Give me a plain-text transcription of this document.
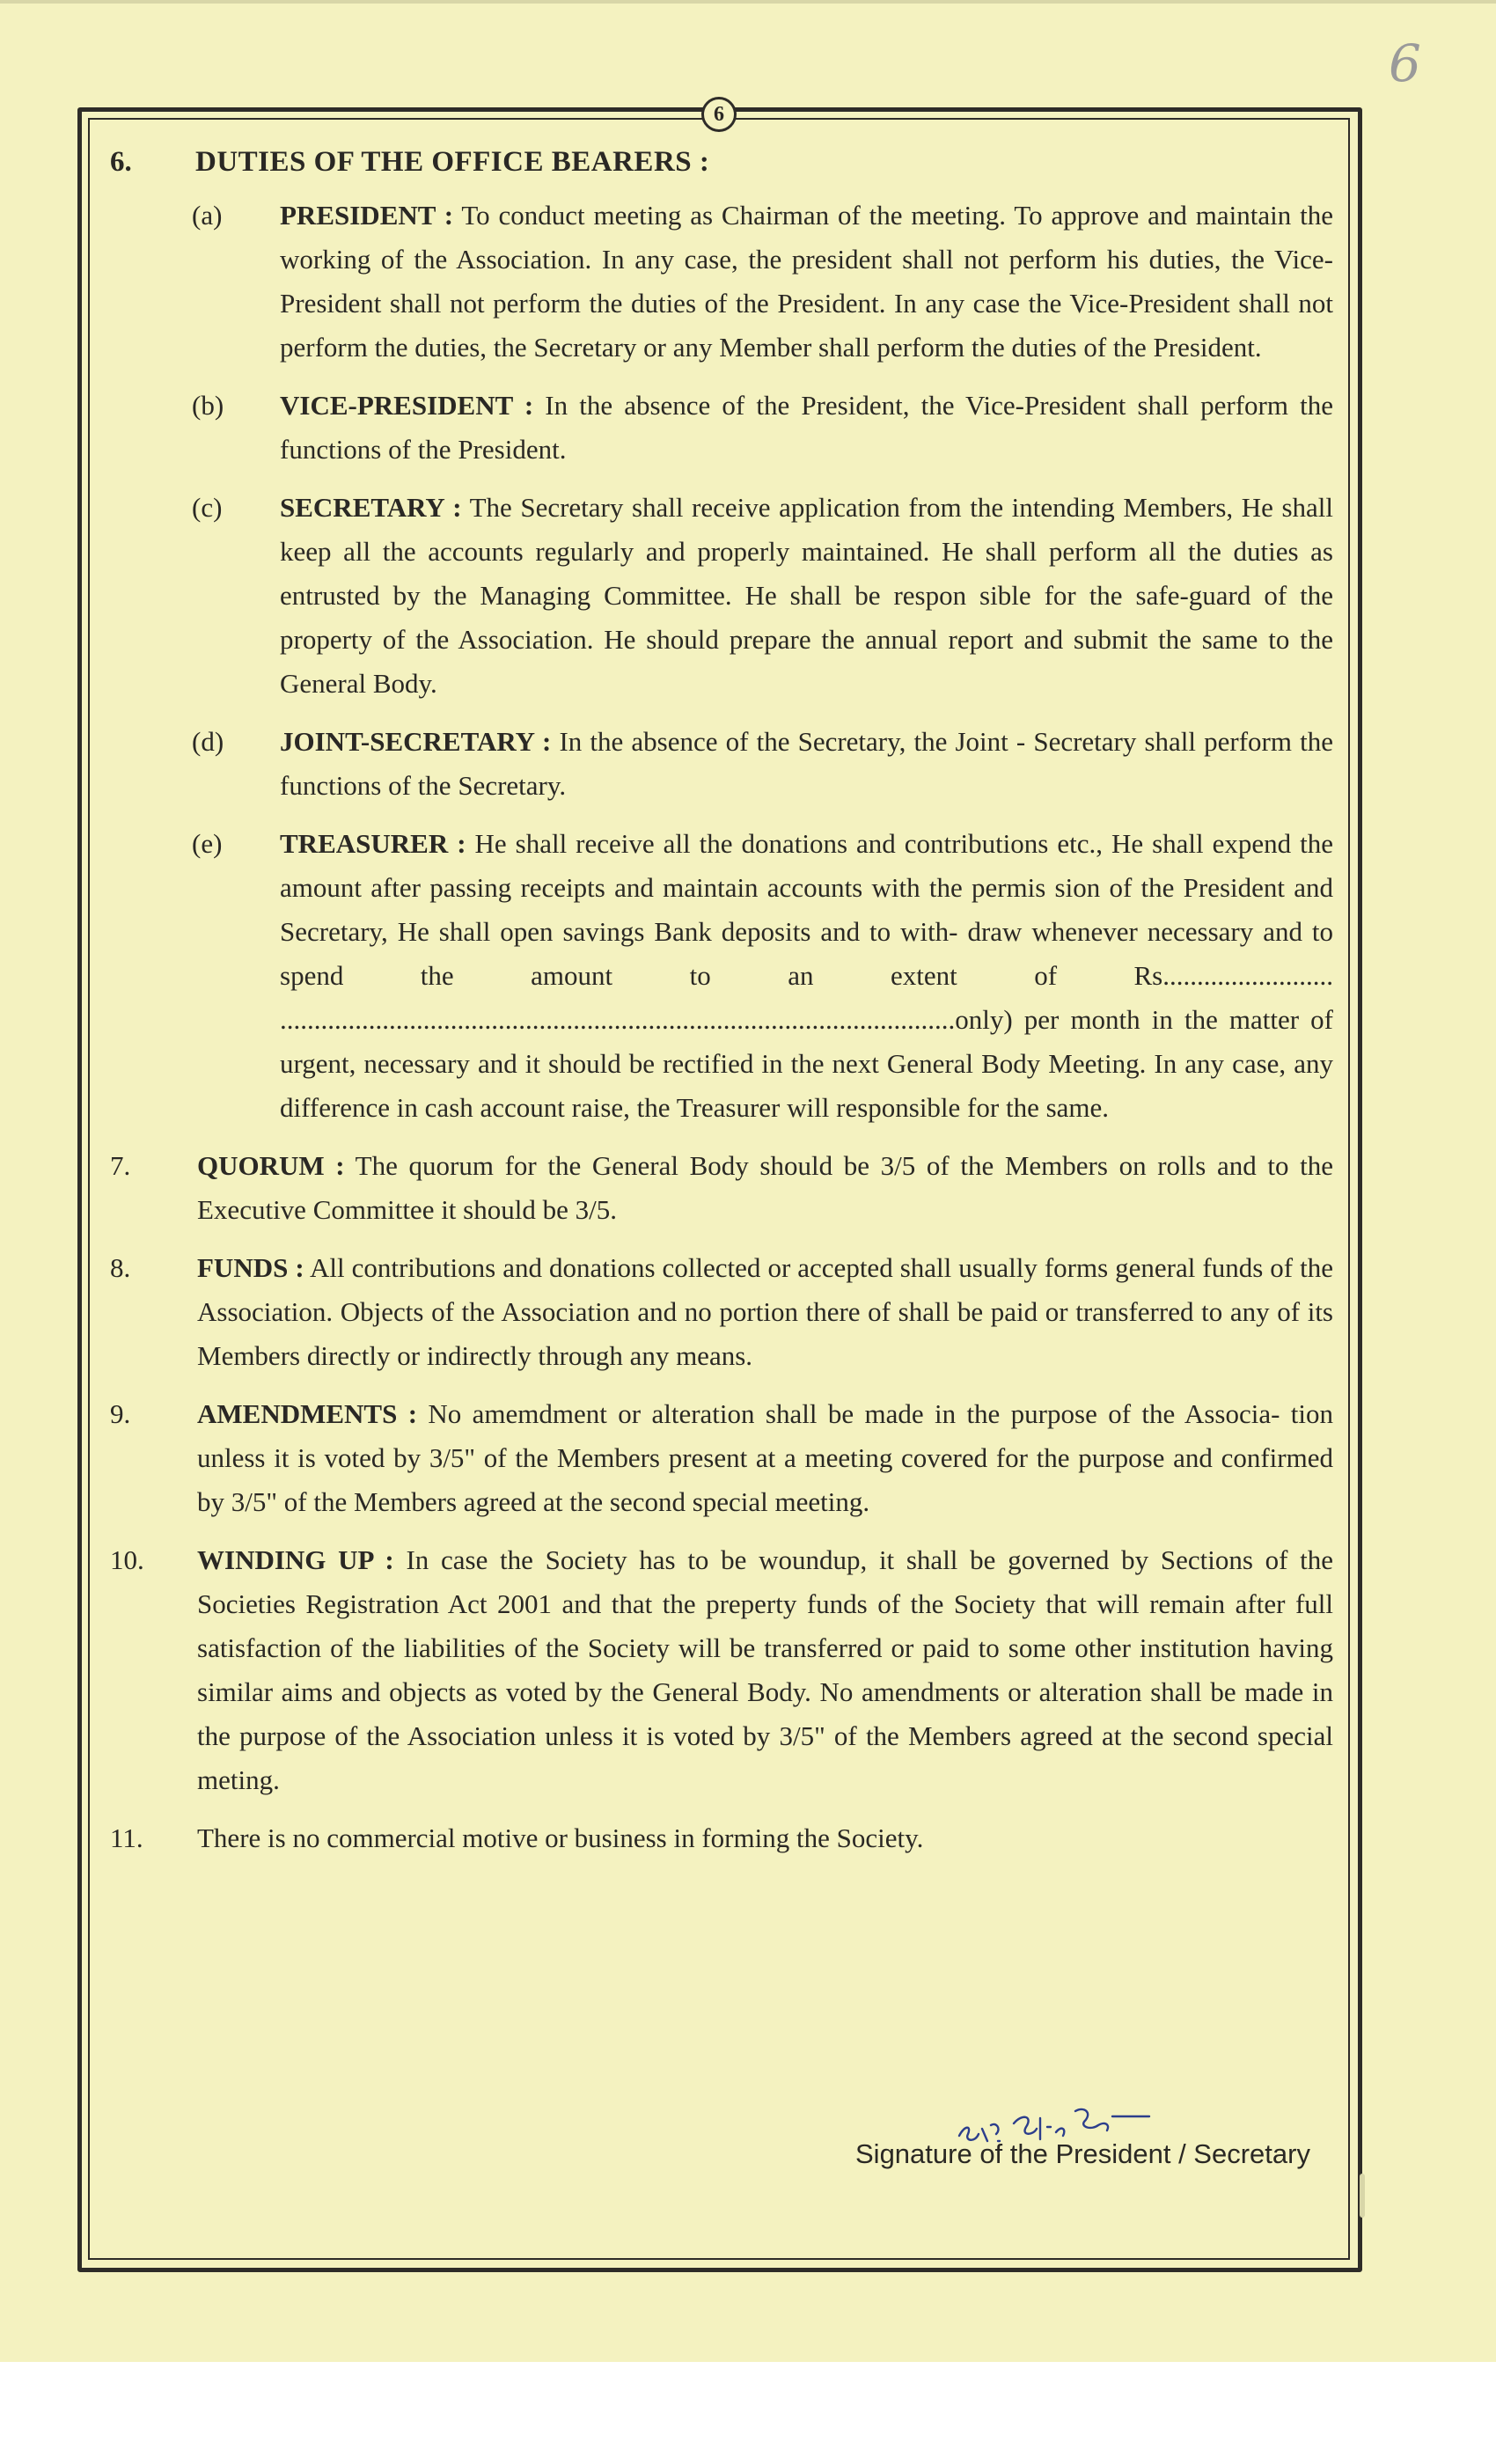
6
6
6. DUTIES OF THE OFFICE BEARERS :
(a) PRESIDENT : To conduct meeting as Chairman of the meeting. To approve and maintain the working of the Association. In any case, the president shall not perform his duties, the Vice-President shall not perform the duties of the President. In any case the Vice-President shall not perform the duties, the Secretary or any Member shall perform the duties of the President.

(b) VICE-PRESIDENT : In the absence of the President, the Vice-President shall perform the functions of the President.

(c) SECRETARY : The Secretary shall receive application from the intending Members, He shall keep all the accounts regularly and properly maintained. He shall perform all the duties as entrusted by the Managing Committee. He shall be respon sible for the safe-guard of the property of the Association. He should prepare the annual report and submit the same to the General Body.

(d) JOINT-SECRETARY : In the absence of the Secretary, the Joint - Secretary shall perform the functions of the Secretary.

(e) TREASURER : He shall receive all the donations and contributions etc., He shall expend the amount after passing receipts and maintain accounts with the permis sion of the President and Secretary, He shall open savings Bank deposits and to with- draw whenever necessary and to spend the amount to an extent of Rs......................... ...................................................................................................only) per month in the matter of urgent, necessary and it should be rectified in the next General Body Meeting. In any case, any difference in cash account raise, the Treasurer will responsible for the same.

7. QUORUM : The quorum for the General Body should be 3/5 of the Members on rolls and to the Executive Committee it should be 3/5.

8. FUNDS : All contributions and donations collected or accepted shall usually forms general funds of the Association. Objects of the Association and no portion there of shall be paid or transferred to any of its Members directly or indirectly through any means.

9. AMENDMENTS : No amemdment or alteration shall be made in the purpose of the Associa- tion unless it is voted by 3/5" of the Members present at a meeting covered for the purpose and confirmed by 3/5" of the Members agreed at the second special meeting.

10. WINDING UP : In case the Society has to be woundup, it shall be governed by Sections of the Societies Registration Act 2001 and that the preperty funds of the Society that will remain after full satisfaction of the liabilities of the Society will be transferred or paid to some other institution having similar aims and objects as voted by the General Body. No amendments or alteration shall be made in the purpose of the Association unless it is voted by 3/5" of the Members agreed at the second special meting.

11. There is no commercial motive or business in forming the Society.

Signature of the President / Secretary
